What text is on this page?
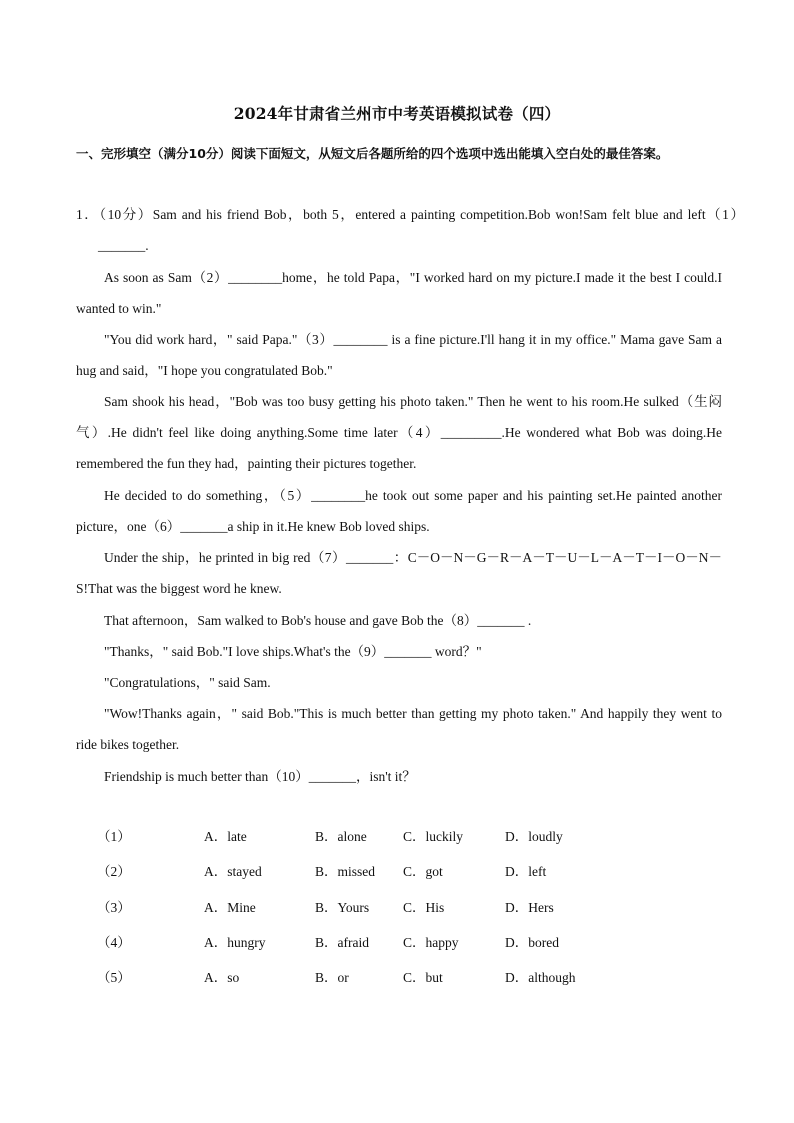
2024年甘肃省兰州市中考英语模拟试卷（四）
一、完形填空（满分10分）阅读下面短文，从短文后各题所给的四个选项中选出能填入空白处的最佳答案。
1．（10分）Sam and his friend Bob，both 5，entered a painting competition.Bob won!Sam felt blue and left（1）_______.
As soon as Sam（2）________home，he told Papa，"I worked hard on my picture.I made it the best I could.I wanted to win."
"You did work hard，" said Papa."（3）________ is a fine picture.I'll hang it in my office." Mama gave Sam a hug and said，"I hope you congratulated Bob."
Sam shook his head，"Bob was too busy getting his photo taken." Then he went to his room.He sulked（生闷气）.He didn't feel like doing anything.Some time later（4）_________.He wondered what Bob was doing.He remembered the fun they had，painting their pictures together.
He decided to do something，（5）________he took out some paper and his painting set.He painted another picture，one（6）_______a ship in it.He knew Bob loved ships.
Under the ship，he printed in big red（7）_______：C－O－N－G－R－A－T－U－L－A－T－I－O－N－S!That was the biggest word he knew.
That afternoon，Sam walked to Bob's house and gave Bob the（8）_______ .
"Thanks，" said Bob."I love ships.What's the（9）_______ word？"
"Congratulations，" said Sam.
"Wow!Thanks again，" said Bob."This is much better than getting my photo taken." And happily they went to ride bikes together.
Friendship is much better than（10）_______，isn't it？
（1）	A．late	B．alone	C．luckily	D．loudly
（2）	A．stayed	B．missed C．got	D．left
（3）	A．Mine	B．Yours	C．His	D．Hers
（4）	A．hungry	B．afraid	C．happy	D．bored
（5）	A．so	B．or	C．but	D．although
